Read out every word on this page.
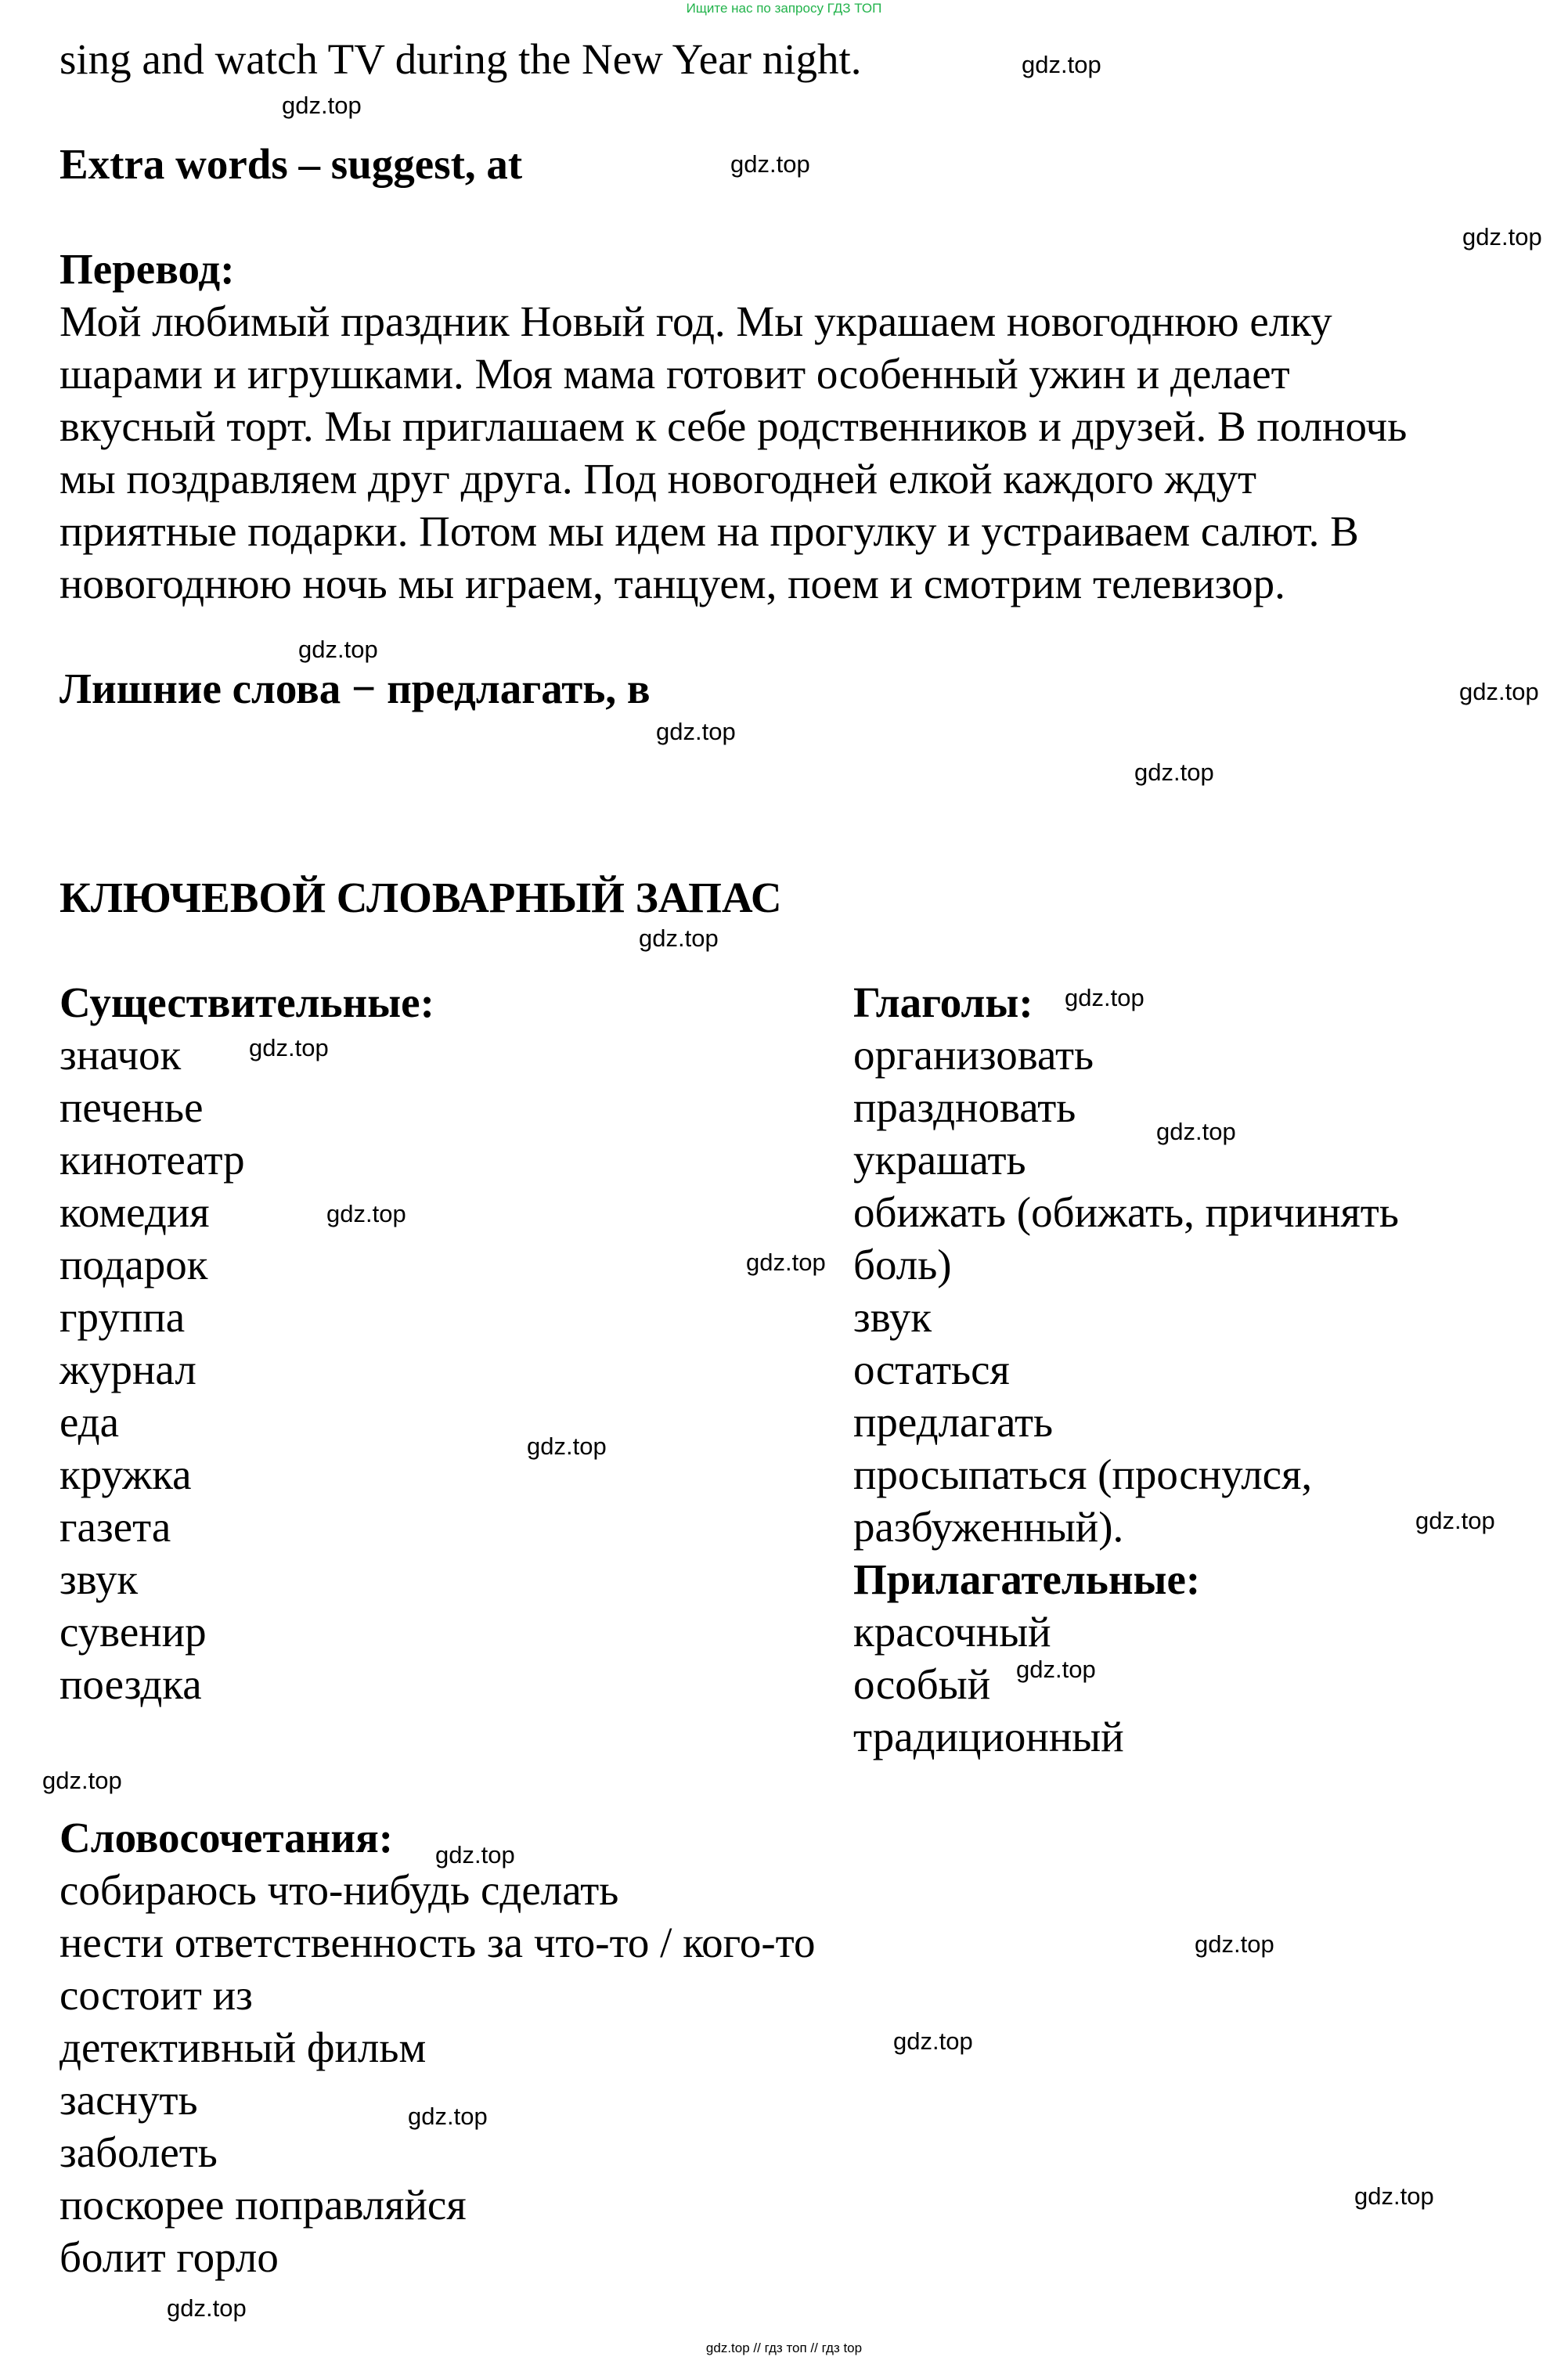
Ищите нас по запросу ГДЗ ТОП

sing and watch TV during the New Year night.

Extra words – suggest, at

Перевод:

Мой любимый праздник Новый год. Мы украшаем новогоднюю елку
шарами и игрушками. Моя мама готовит особенный ужин и делает
вкусный торт. Мы приглашаем к себе родственников и друзей. В полночь
мы поздравляем друг друга. Под новогодней елкой каждого ждут
приятные подарки. Потом мы идем на прогулку и устраиваем салют. В
новогоднюю ночь мы играем, танцуем, поем и смотрим телевизор.

Лишние слова − предлагать, в

КЛЮЧЕВОЙ СЛОВАРНЫЙ ЗАПАС

Существительные:
значок
печенье
кинотеатр
комедия
подарок
группа
журнал
еда
кружка
газета
звук
сувенир
поездка
Глаголы:
организовать
праздновать
украшать
обижать (обижать, причинять
боль)
звук
остаться
предлагать
просыпаться (проснулся,
разбуженный).
Прилагательные:
красочный
особый
традиционный
Словосочетания:
собираюсь что-нибудь сделать
нести ответственность за что-то / кого-то
состоит из
детективный фильм
заснуть
заболеть
поскорее поправляйся
болит горло
gdz.top
gdz.top
gdz.top
gdz.top
gdz.top
gdz.top
gdz.top
gdz.top
gdz.top
gdz.top
gdz.top
gdz.top
gdz.top
gdz.top
gdz.top
gdz.top
gdz.top
gdz.top
gdz.top
gdz.top
gdz.top
gdz.top
gdz.top
gdz.top
gdz.top // гдз топ // гдз top
